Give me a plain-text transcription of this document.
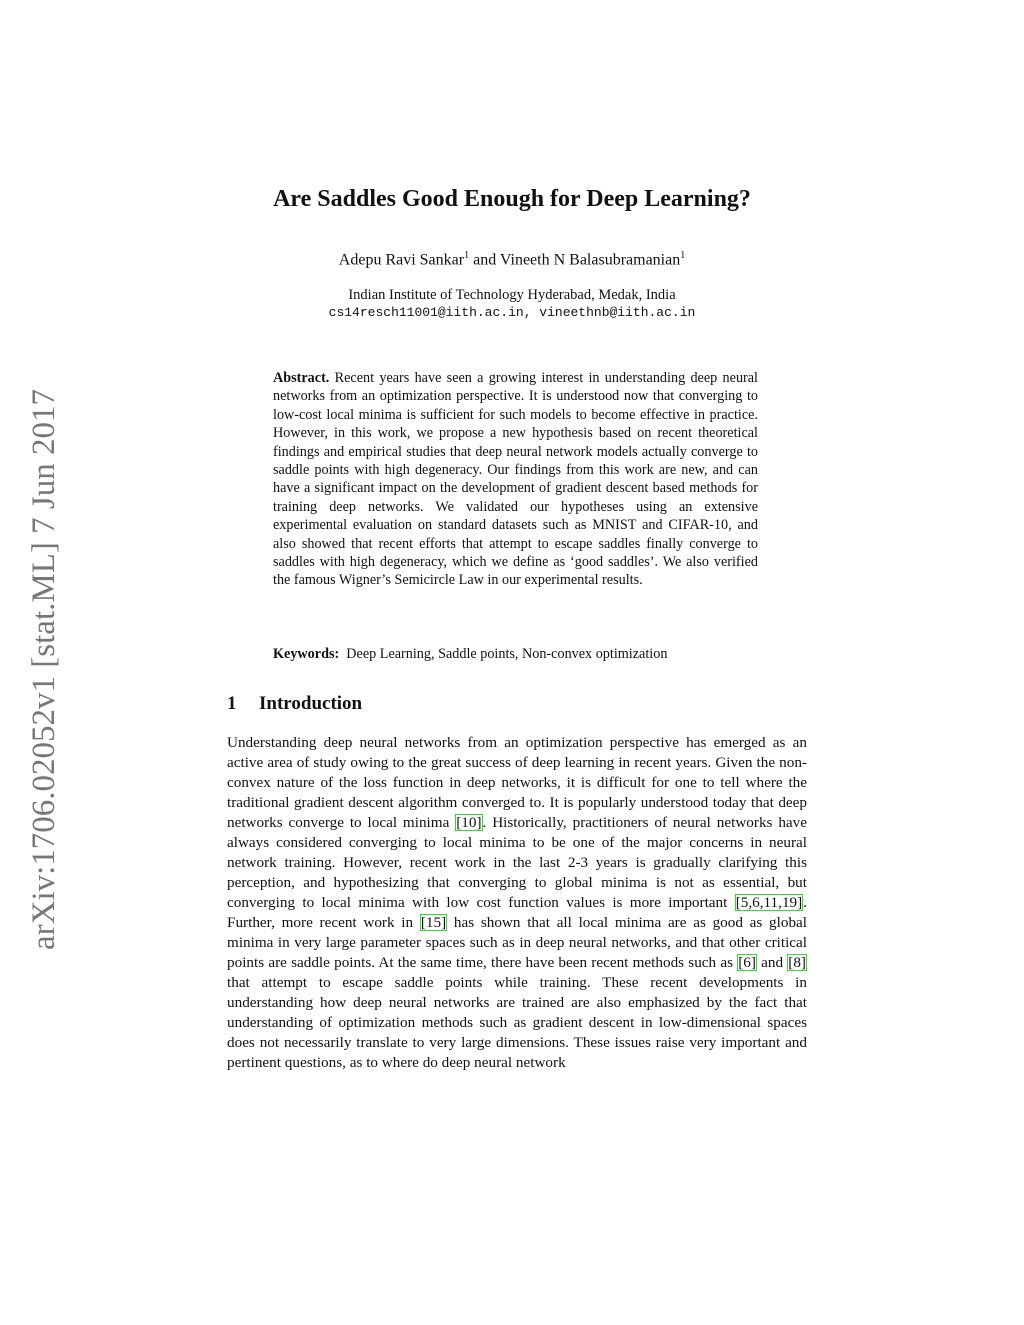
arXiv:1706.02052v1 [stat.ML] 7 Jun 2017
Are Saddles Good Enough for Deep Learning?
Adepu Ravi Sankar$^1$ and Vineeth N Balasubramanian$^1$
Indian Institute of Technology Hyderabad, Medak, India
cs14resch11001@iith.ac.in, vineethnb@iith.ac.in

Abstract. Recent years have seen a growing interest in understanding deep neural networks from an optimization perspective. It is understood now that converging to low-cost local minima is sufficient for such models to become effective in practice. However, in this work, we propose a new hypothesis based on recent theoretical findings and empirical studies that deep neural network models actually converge to saddle points with high degeneracy. Our findings from this work are new, and can have a significant impact on the development of gradient descent based methods for training deep networks. We validated our hypotheses using an extensive experimental evaluation on standard datasets such as MNIST and CIFAR-10, and also showed that recent efforts that attempt to escape saddles finally converge to saddles with high degeneracy, which we define as ‘good saddles’. We also verified the famous Wigner’s Semicircle Law in our experimental results.

Keywords: Deep Learning, Saddle points, Non-convex optimization

1 Introduction

Understanding deep neural networks from an optimization perspective has emerged as an active area of study owing to the great success of deep learning in recent years. Given the non-convex nature of the loss function in deep networks, it is difficult for one to tell where the traditional gradient descent algorithm converged to. It is popularly understood today that deep networks converge to local minima [10]. Historically, practitioners of neural networks have always considered converging to local minima to be one of the major concerns in neural network training. However, recent work in the last 2-3 years is gradually clarifying this perception, and hypothesizing that converging to global minima is not as essential, but converging to local minima with low cost function values is more important [5,6,11,19]. Further, more recent work in [15] has shown that all local minima are as good as global minima in very large parameter spaces such as in deep neural networks, and that other critical points are saddle points. At the same time, there have been recent methods such as [6] and [8] that attempt to escape saddle points while training. These recent developments in understanding how deep neural networks are trained are also emphasized by the fact that understanding of optimization methods such as gradient descent in low-dimensional spaces does not necessarily translate to very large dimensions. These issues raise very important and pertinent questions, as to where do deep neural network
